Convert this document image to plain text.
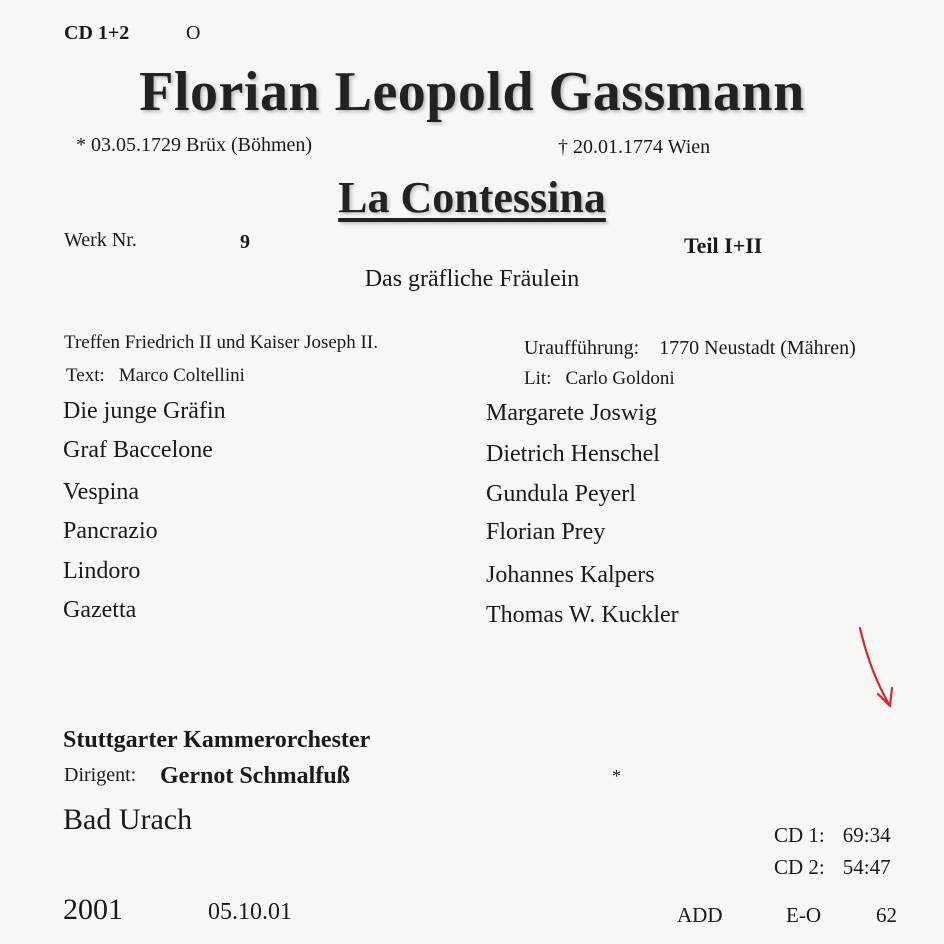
CD 1+2	O
Florian Leopold Gassmann
* 03.05.1729 Brüx (Böhmen)	† 20.01.1774 Wien
La Contessina
Werk Nr.	9	Teil I+II
Das gräfliche Fräulein
Treffen Friedrich II und Kaiser Joseph II.	Uraufführung: 1770 Neustadt (Mähren)
Text: Marco Coltellini	Lit: Carlo Goldoni
Die junge Gräfin	Margarete Joswig
Graf Baccelone	Dietrich Henschel
Vespina	Gundula Peyerl
Pancrazio	Florian Prey
Lindoro	Johannes Kalpers
Gazetta	Thomas W. Kuckler
Stuttgarter Kammerorchester
Dirigent: Gernot Schmalfuß	*
Bad Urach	CD 1: 69:34
CD 2: 54:47
2001	05.10.01	ADD	E-O	62
